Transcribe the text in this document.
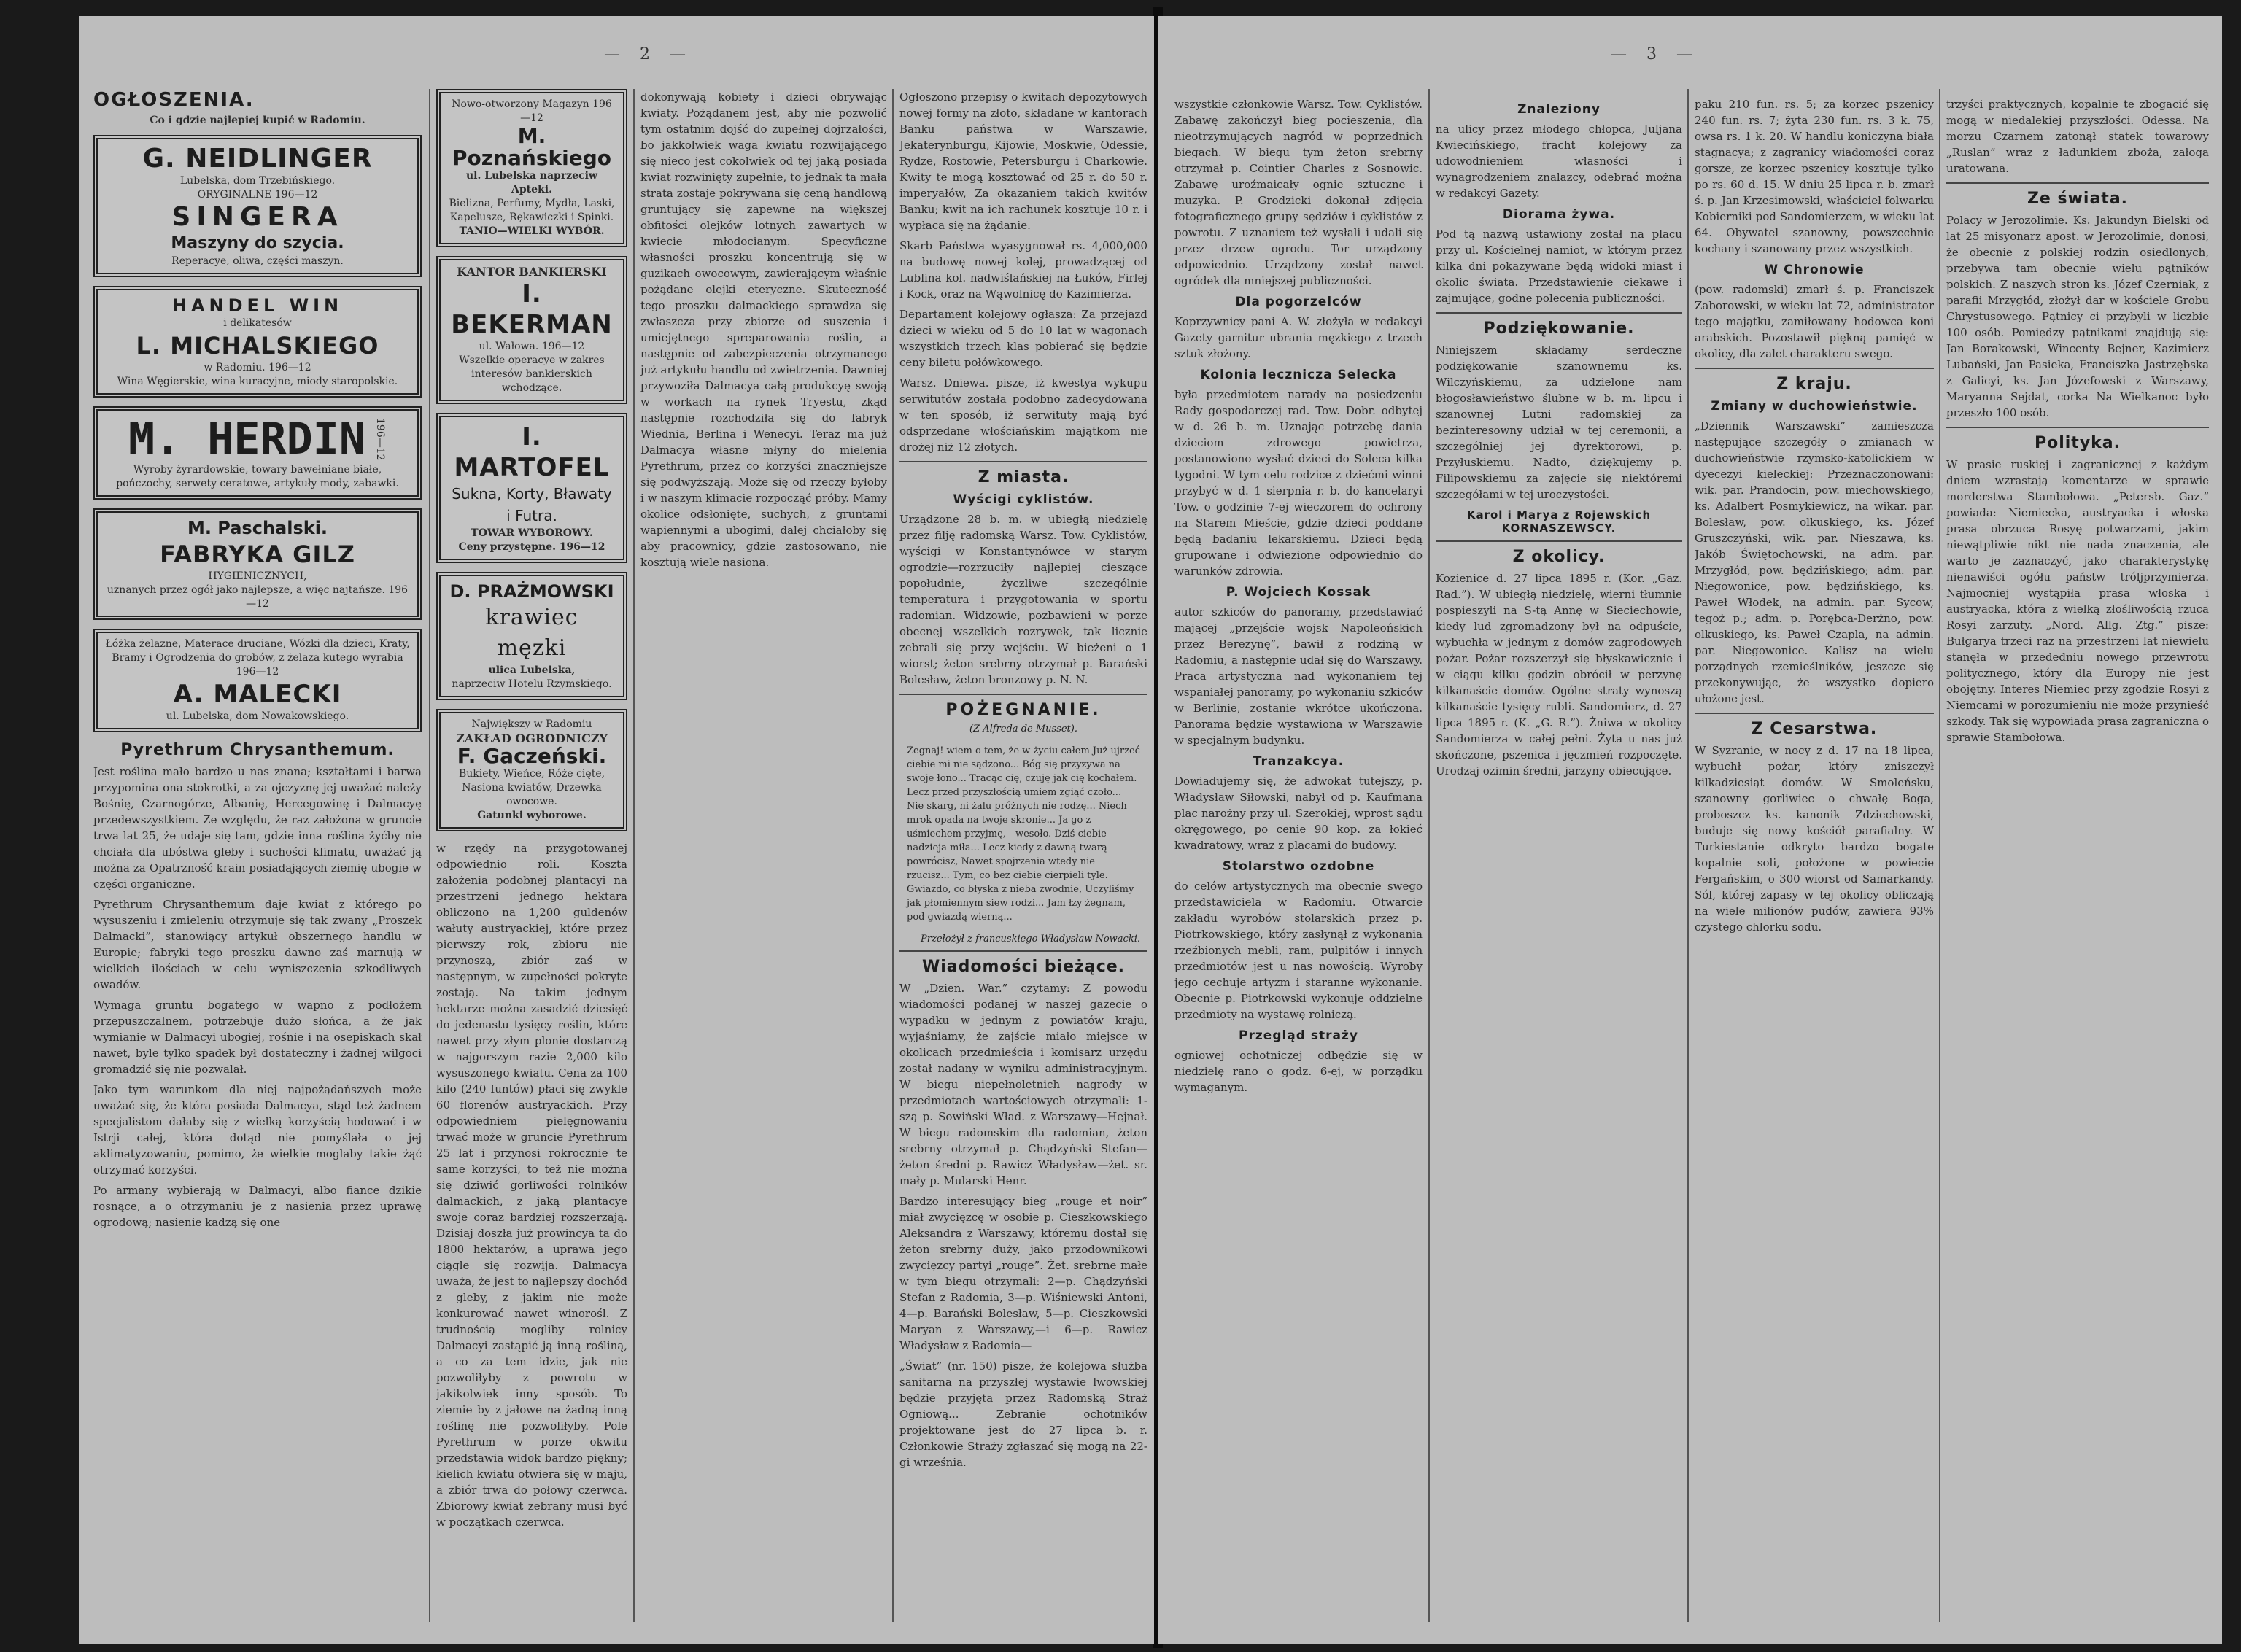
— 2 —
OGŁOSZENIA.
Co i gdzie najlepiej kupić w Radomiu.
G. NEIDLINGER
Lubelska, dom Trzebińskiego.
ORYGINALNE 196—12
SINGERA
Maszyny do szycia.
Reperacye, oliwa, części maszyn.
HANDEL WIN
i delikatesów
L. MICHALSKIEGO
w Radomiu. 196—12
Wina Węgierskie, wina kuracyjne, miody staropolskie.
M. HERDIN 196—12
Wyroby żyrardowskie, towary bawełniane białe, pończochy, serwety ceratowe, artykuły mody, zabawki.
M. Paschalski.
FABRYKA GILZ
HYGIENICZNYCH,
uznanych przez ogół jako najlepsze, a więc najtańsze. 196—12
Łóżka żelazne, Materace druciane, Wózki dla dzieci, Kraty, Bramy i Ogrodzenia do grobów, z żelaza kutego wyrabia 196—12
A. MALECKI
ul. Lubelska, dom Nowakowskiego.
Pyrethrum Chrysanthemum.

Jest roślina mało bardzo u nas znana; kształtami i barwą przypomina ona stokrotki, a za ojczyznę jej uważać należy Bośnię, Czarnogórze, Albanię, Hercegowinę i Dalmacyę przedewszystkiem. Ze względu, że raz założona w gruncie trwa lat 25, że udaje się tam, gdzie inna roślina żyćby nie chciała dla ubóstwa gleby i suchości klimatu, uważać ją można za Opatrzność krain posiadających ziemię ubogie w części organiczne.

Pyrethrum Chrysanthemum daje kwiat z którego po wysuszeniu i zmieleniu otrzymuje się tak zwany „Proszek Dalmacki”, stanowiący artykuł obszernego handlu w Europie; fabryki tego proszku dawno zaś marnują w wielkich ilościach w celu wyniszczenia szkodliwych owadów.

Wymaga gruntu bogatego w wapno z podłożem przepuszczalnem, potrzebuje dużo słońca, a że jak wymianie w Dalmacyi ubogiej, rośnie i na osepiskach skał nawet, byle tylko spadek był dostateczny i żadnej wilgoci gromadzić się nie pozwalał.

Jako tym warunkom dla niej najpożądańszych może uważać się, że która posiada Dalmacya, stąd też żadnem specjalistom dałaby się z wielką korzyścią hodować i w Istrji całej, która dotąd nie pomyślała o jej aklimatyzowaniu, pomimo, że wielkie moglaby takie żąć otrzymać korzyści.

Po armany wybierają w Dalmacyi, albo fiance dzikie rosnące, a o otrzymaniu je z nasienia przez uprawę ogrodową; nasienie kadzą się one

Nowo-otworzony Magazyn 196—12
M. Poznańskiego
ul. Lubelska naprzeciw Apteki.
Bielizna, Perfumy, Mydła, Laski, Kapelusze, Rękawiczki i Spinki.
TANIO—WIELKI WYBÓR.
KANTOR BANKIERSKI
I. BEKERMAN
ul. Wałowa. 196—12
Wszelkie operacye w zakres interesów bankierskich wchodzące.
I. MARTOFEL
Sukna, Korty, Bławaty i Futra.
TOWAR WYBOROWY.
Ceny przystępne. 196—12
D. PRAŻMOWSKI
krawiec męzki
ulica Lubelska,
naprzeciw Hotelu Rzymskiego.
Największy w Radomiu
ZAKŁAD OGRODNICZY
F. Gaczeński.
Bukiety, Wieńce, Róże cięte, Nasiona kwiatów, Drzewka owocowe.
Gatunki wyborowe.

w rzędy na przygotowanej odpowiednio roli. Koszta założenia podobnej plantacyi na przestrzeni jednego hektara obliczono na 1,200 guldenów wałuty austryackiej, które przez pierwszy rok, zbioru nie przynoszą, zbiór zaś w następnym, w zupełności pokryte zostają. Na takim jednym hektarze można zasadzić dziesięć do jedenastu tysięcy roślin, które nawet przy złym plonie dostarczą w najgorszym razie 2,000 kilo wysuszonego kwiatu. Cena za 100 kilo (240 funtów) płaci się zwykle 60 florenów austryackich. Przy odpowiedniem pielęgnowaniu trwać może w gruncie Pyrethrum 25 lat i przynosi rokrocznie te same korzyści, to też nie można się dziwić gorliwości rolników dalmackich, z jaką plantacye swoje coraz bardziej rozszerzają. Dzisiaj doszła już prowincya ta do 1800 hektarów, a uprawa jego ciągle się rozwija. Dalmacya uważa, że jest to najlepszy dochód z gleby, z jakim nie może konkurować nawet winorośl. Z trudnością mogliby rolnicy Dalmacyi zastąpić ją inną rośliną, a co za tem idzie, jak nie pozwoliłyby z powrotu w jakikolwiek inny sposób. To ziemie by z jałowe na żadną inną roślinę nie pozwoliłyby. Pole Pyrethrum w porze okwitu przedstawia widok bardzo piękny; kielich kwiatu otwiera się w maju, a zbiór trwa do połowy czerwca. Zbiorowy kwiat zebrany musi być w początkach czerwca.

dokonywają kobiety i dzieci obrywając kwiaty. Pożądanem jest, aby nie pozwolić tym ostatnim dojść do zupełnej dojrzałości, bo jakkolwiek waga kwiatu rozwijającego się nieco jest cokolwiek od tej jaką posiada kwiat rozwinięty zupełnie, to jednak ta mała strata zostaje pokrywana się ceną handlową gruntujący się zapewne na większej obfitości olejków lotnych zawartych w kwiecie młodocianym. Specyficzne własności proszku koncentrują się w guzikach owocowym, zawierającym właśnie pożądane olejki eteryczne. Skuteczność tego proszku dalmackiego sprawdza się zwłaszcza przy zbiorze od suszenia i umiejętnego spreparowania roślin, a następnie od zabezpieczenia otrzymanego już artykułu handlu od zwietrzenia. Dawniej przywoziła Dalmacya całą produkcyę swoją w workach na rynek Tryestu, zkąd następnie rozchodziła się do fabryk Wiednia, Berlina i Wenecyi. Teraz ma już Dalmacya własne młyny do mielenia Pyrethrum, przez co korzyści znaczniejsze się podwyższają. Może się od rzeczy byłoby i w naszym klimacie rozpocząć próby. Mamy okolice odsłonięte, suchych, z gruntami wapiennymi a ubogimi, dalej chciałoby się aby pracownicy, gdzie zastosowano, nie kosztują wiele nasiona.

Ogłoszono przepisy o kwitach depozytowych nowej formy na złoto, składane w kantorach Banku państwa w Warszawie, Jekaterynburgu, Kijowie, Moskwie, Odessie, Rydze, Rostowie, Petersburgu i Charkowie. Kwity te mogą kosztować od 25 r. do 50 r. imperyałów, Za okazaniem takich kwitów Banku; kwit na ich rachunek kosztuje 10 r. i wypłaca się na żądanie.

Skarb Państwa wyasygnował rs. 4,000,000 na budowę nowej kolej, prowadzącej od Lublina kol. nadwiślańskiej na Łuków, Firlej i Kock, oraz na Wąwolnicę do Kazimierza.

Departament kolejowy ogłasza: Za przejazd dzieci w wieku od 5 do 10 lat w wagonach wszystkich trzech klas pobierać się będzie ceny biletu połówkowego.

Warsz. Dniewa. pisze, iż kwestya wykupu serwitutów została podobno zadecydowana w ten sposób, iż serwituty mają być odsprzedane włościańskim majątkom nie drożej niż 12 złotych.

Z miasta.
Wyścigi cyklistów.

Urządzone 28 b. m. w ubiegłą niedzielę przez filję radomską Warsz. Tow. Cyklistów, wyścigi w Konstantynówce w starym ogrodzie—rozrzuciły najlepiej cieszące popołudnie, życzliwe szczególnie temperatura i przygotowania w sportu radomian. Widzowie, pozbawieni w porze obecnej wszelkich rozrywek, tak licznie zebrali się przy wejściu. W bieżeni o 1 wiorst; żeton srebrny otrzymał p. Barański Bolesław, żeton bronzowy p. N. N.

POŻEGNANIE.
(Z Alfreda de Musset).

Żegnaj! wiem o tem, że w życiu całem Już ujrzeć ciebie mi nie sądzono... Bóg się przyzywa na swoje łono... Tracąc cię, czuję jak cię kochałem. Lecz przed przyszłością umiem zgiąć czoło... Nie skarg, ni żalu próżnych nie rodzę... Niech mrok opada na twoje skronie... Ja go z uśmiechem przyjmę,—wesoło. Dziś ciebie nadzieja miła... Lecz kiedy z dawną twarą powrócisz, Nawet spojrzenia wtedy nie rzucisz... Tym, co bez ciebie cierpieli tyle. Gwiazdo, co błyska z nieba zwodnie, Uczyliśmy jak płomiennym siew rodzi... Jam łzy żegnam, pod gwiazdą wierną...

Przełożył z francuskiego Władysław Nowacki.
Wiadomości bieżące.

W „Dzien. War.” czytamy: Z powodu wiadomości podanej w naszej gazecie o wypadku w jednym z powiatów kraju, wyjaśniamy, że zajście miało miejsce w okolicach przedmieścia i komisarz urzędu został nadany w wyniku administracyjnym. W biegu niepełnoletnich nagrody w przedmiotach wartościowych otrzymali: 1-szą p. Sowiński Wład. z Warszawy—Hejnał. W biegu radomskim dla radomian, żeton srebrny otrzymał p. Chądzyński Stefan—żeton średni p. Rawicz Władysław—żet. sr. mały p. Mularski Henr.

Bardzo interesujący bieg „rouge et noir” miał zwycięzcę w osobie p. Cieszkowskiego Aleksandra z Warszawy, któremu dostał się żeton srebrny duży, jako przodownikowi zwycięzcy partyi „rouge”. Żet. srebrne małe w tym biegu otrzymali: 2—p. Chądzyński Stefan z Radomia, 3—p. Wiśniewski Antoni, 4—p. Barański Bolesław, 5—p. Cieszkowski Maryan z Warszawy,—i 6—p. Rawicz Władysław z Radomia—

„Świat” (nr. 150) pisze, że kolejowa służba sanitarna na przyszłej wystawie lwowskiej będzie przyjęta przez Radomską Straż Ogniową... Zebranie ochotników projektowane jest do 27 lipca b. r. Członkowie Straży zgłaszać się mogą na 22-gi września.

— 3 —

wszystkie członkowie Warsz. Tow. Cyklistów. Zabawę zakończył bieg pocieszenia, dla nieotrzymujących nagród w poprzednich biegach. W biegu tym żeton srebrny otrzymał p. Cointier Charles z Sosnowic. Zabawę uroźmaicały ognie sztuczne i muzyka. P. Grodzicki dokonał zdjęcia fotograficznego grupy sędziów i cyklistów z powrotu. Z uznaniem też wysłali i udali się przez drzew ogrodu. Tor urządzony odpowiednio. Urządzony został nawet ogródek dla mniejszej publiczności.

Dla pogorzelców

Koprzywnicy pani A. W. złożyła w redakcyi Gazety garnitur ubrania męzkiego z trzech sztuk złożony.

Kolonia lecznicza Selecka

była przedmiotem narady na posiedzeniu Rady gospodarczej rad. Tow. Dobr. odbytej w d. 26 b. m. Uznając potrzebę dania dzieciom zdrowego powietrza, postanowiono wysłać dzieci do Soleca kilka tygodni. W tym celu rodzice z dziećmi winni przybyć w d. 1 sierpnia r. b. do kancelaryi Tow. o godzinie 7-ej wieczorem do ochrony na Starem Mieście, gdzie dzieci poddane będą badaniu lekarskiemu. Dzieci będą grupowane i odwiezione odpowiednio do warunków zdrowia.

P. Wojciech Kossak

autor szkiców do panoramy, przedstawiać mającej „przejście wojsk Napoleońskich przez Berezynę”, bawił z rodziną w Radomiu, a następnie udał się do Warszawy. Praca artystyczna nad wykonaniem tej wspaniałej panoramy, po wykonaniu szkiców w Berlinie, zostanie wkrótce ukończona. Panorama będzie wystawiona w Warszawie w specjalnym budynku.

Tranzakcya.

Dowiadujemy się, że adwokat tutejszy, p. Władysław Siłowski, nabył od p. Kaufmana plac narożny przy ul. Szerokiej, wprost sądu okręgowego, po cenie 90 kop. za łokieć kwadratowy, wraz z placami do budowy.

Stolarstwo ozdobne

do celów artystycznych ma obecnie swego przedstawiciela w Radomiu. Otwarcie zakładu wyrobów stolarskich przez p. Piotrkowskiego, który zasłynął z wykonania rzeźbionych mebli, ram, pulpitów i innych przedmiotów jest u nas nowością. Wyroby jego cechuje artyzm i staranne wykonanie. Obecnie p. Piotrkowski wykonuje oddzielne przedmioty na wystawę rolniczą.

Przegląd straży

ogniowej ochotniczej odbędzie się w niedzielę rano o godz. 6-ej, w porządku wymaganym.

Znaleziony

na ulicy przez młodego chłopca, Juljana Kwiecińskiego, fracht kolejowy za udowodnieniem własności i wynagrodzeniem znalazcy, odebrać można w redakcyi Gazety.

Diorama żywa.

Pod tą nazwą ustawiony został na placu przy ul. Kościelnej namiot, w którym przez kilka dni pokazywane będą widoki miast i okolic świata. Przedstawienie ciekawe i zajmujące, godne polecenia publiczności.

Podziękowanie.

Niniejszem składamy serdeczne podziękowanie szanownemu ks. Wilczyńskiemu, za udzielone nam błogosławieństwo ślubne w b. m. lipcu i szanownej Lutni radomskiej za bezinteresowny udział w tej ceremonii, a szczególniej jej dyrektorowi, p. Przyłuskiemu. Nadto, dziękujemy p. Filipowskiemu za zajęcie się niektóremi szczegółami w tej uroczystości.

Karol i Marya z Rojewskich KORNASZEWSCY.
Z okolicy.

Kozienice d. 27 lipca 1895 r. (Kor. „Gaz. Rad.”). W ubiegłą niedzielę, wierni tłumnie pospieszyli na S-tą Annę w Sieciechowie, kiedy lud zgromadzony był na odpuście, wybuchła w jednym z domów zagrodowych pożar. Pożar rozszerzył się błyskawicznie i w ciągu kilku godzin obrócił w perzynę kilkanaście domów. Ogólne straty wynoszą kilkanaście tysięcy rubli. Sandomierz, d. 27 lipca 1895 r. (K. „G. R.”). Żniwa w okolicy Sandomierza w całej pełni. Żyta u nas już skończone, pszenica i jęczmień rozpoczęte. Urodzaj ozimin średni, jarzyny obiecujące.

paku 210 fun. rs. 5; za korzec pszenicy 240 fun. rs. 7; żyta 230 fun. rs. 3 k. 75, owsa rs. 1 k. 20. W handlu koniczyna biała stagnacya; z zagranicy wiadomości coraz gorsze, ze korzec pszenicy kosztuje tylko po rs. 60 d. 15. W dniu 25 lipca r. b. zmarł ś. p. Jan Krzesimowski, właściciel folwarku Kobierniki pod Sandomierzem, w wieku lat 64. Obywatel szanowny, powszechnie kochany i szanowany przez wszystkich.

W Chronowie

(pow. radomski) zmarł ś. p. Franciszek Zaborowski, w wieku lat 72, administrator tego majątku, zamiłowany hodowca koni arabskich. Pozostawił piękną pamięć w okolicy, dla zalet charakteru swego.

Z kraju.
Zmiany w duchowieństwie.

„Dziennik Warszawski” zamieszcza następujące szczegóły o zmianach w duchowieństwie rzymsko-katolickiem w dyecezyi kieleckiej: Przeznaczonowani: wik. par. Prandocin, pow. miechowskiego, ks. Adalbert Posmykiewicz, na wikar. par. Bolesław, pow. olkuskiego, ks. Józef Gruszczyński, wik. par. Nieszawa, ks. Jakób Świętochowski, na adm. par. Mrzygłód, pow. będzińskiego; adm. par. Niegowonice, pow. będzińskiego, ks. Paweł Włodek, na admin. par. Sycow, tegoż p.; adm. p. Porębca-Derżno, pow. olkuskiego, ks. Paweł Czapla, na admin. par. Niegowonice. Kalisz na wielu porządnych rzemieślników, jeszcze się przekonywując, że wszystko dopiero ułożone jest.

Z Cesarstwa.

W Syzranie, w nocy z d. 17 na 18 lipca, wybuchł pożar, który zniszczył kilkadziesiąt domów. W Smoleńsku, szanowny gorliwiec o chwałę Boga, proboszcz ks. kanonik Zdziechowski, buduje się nowy kościół parafialny. W Turkiestanie odkryto bardzo bogate kopalnie soli, położone w powiecie Fergańskim, o 300 wiorst od Samarkandy. Sól, której zapasy w tej okolicy obliczają na wiele milionów pudów, zawiera 93% czystego chlorku sodu.

trzyści praktycznych, kopalnie te zbogacić się mogą w niedalekiej przyszłości. Odessa. Na morzu Czarnem zatonął statek towarowy „Ruslan” wraz z ładunkiem zboża, załoga uratowana.

Ze świata.

Polacy w Jerozolimie. Ks. Jakundyn Bielski od lat 25 misyonarz apost. w Jerozolimie, donosi, że obecnie z polskiej rodzin osiedlonych, przebywa tam obecnie wielu pątników polskich. Z naszych stron ks. Józef Czerniak, z parafii Mrzygłód, złożył dar w kościele Grobu Chrystusowego. Pątnicy ci przybyli w liczbie 100 osób. Pomiędzy pątnikami znajdują się: Jan Borakowski, Wincenty Bejner, Kazimierz Lubański, Jan Pasieka, Franciszka Jastrzębska z Galicyi, ks. Jan Józefowski z Warszawy, Maryanna Sejdat, corka Na Wielkanoc było przeszło 100 osób.

Polityka.

W prasie ruskiej i zagranicznej z każdym dniem wzrastają komentarze w sprawie morderstwa Stambołowa. „Petersb. Gaz.” powiada: Niemiecka, austryacka i włoska prasa obrzuca Rosyę potwarzami, jakim niewątpliwie nikt nie nada znaczenia, ale warto je zaznaczyć, jako charakterystykę nienawiści ogółu państw tróljprzymierza. Najmocniej wystąpiła prasa włoska i austryacka, która z wielką złośliwością rzuca Rosyi zarzuty. „Nord. Allg. Ztg.” pisze: Bułgarya trzeci raz na przestrzeni lat niewielu stanęła w przededniu nowego przewrotu politycznego, który dla Europy nie jest obojętny. Interes Niemiec przy zgodzie Rosyi z Niemcami w porozumieniu nie może przynieść szkody. Tak się wypowiada prasa zagraniczna o sprawie Stambołowa.
